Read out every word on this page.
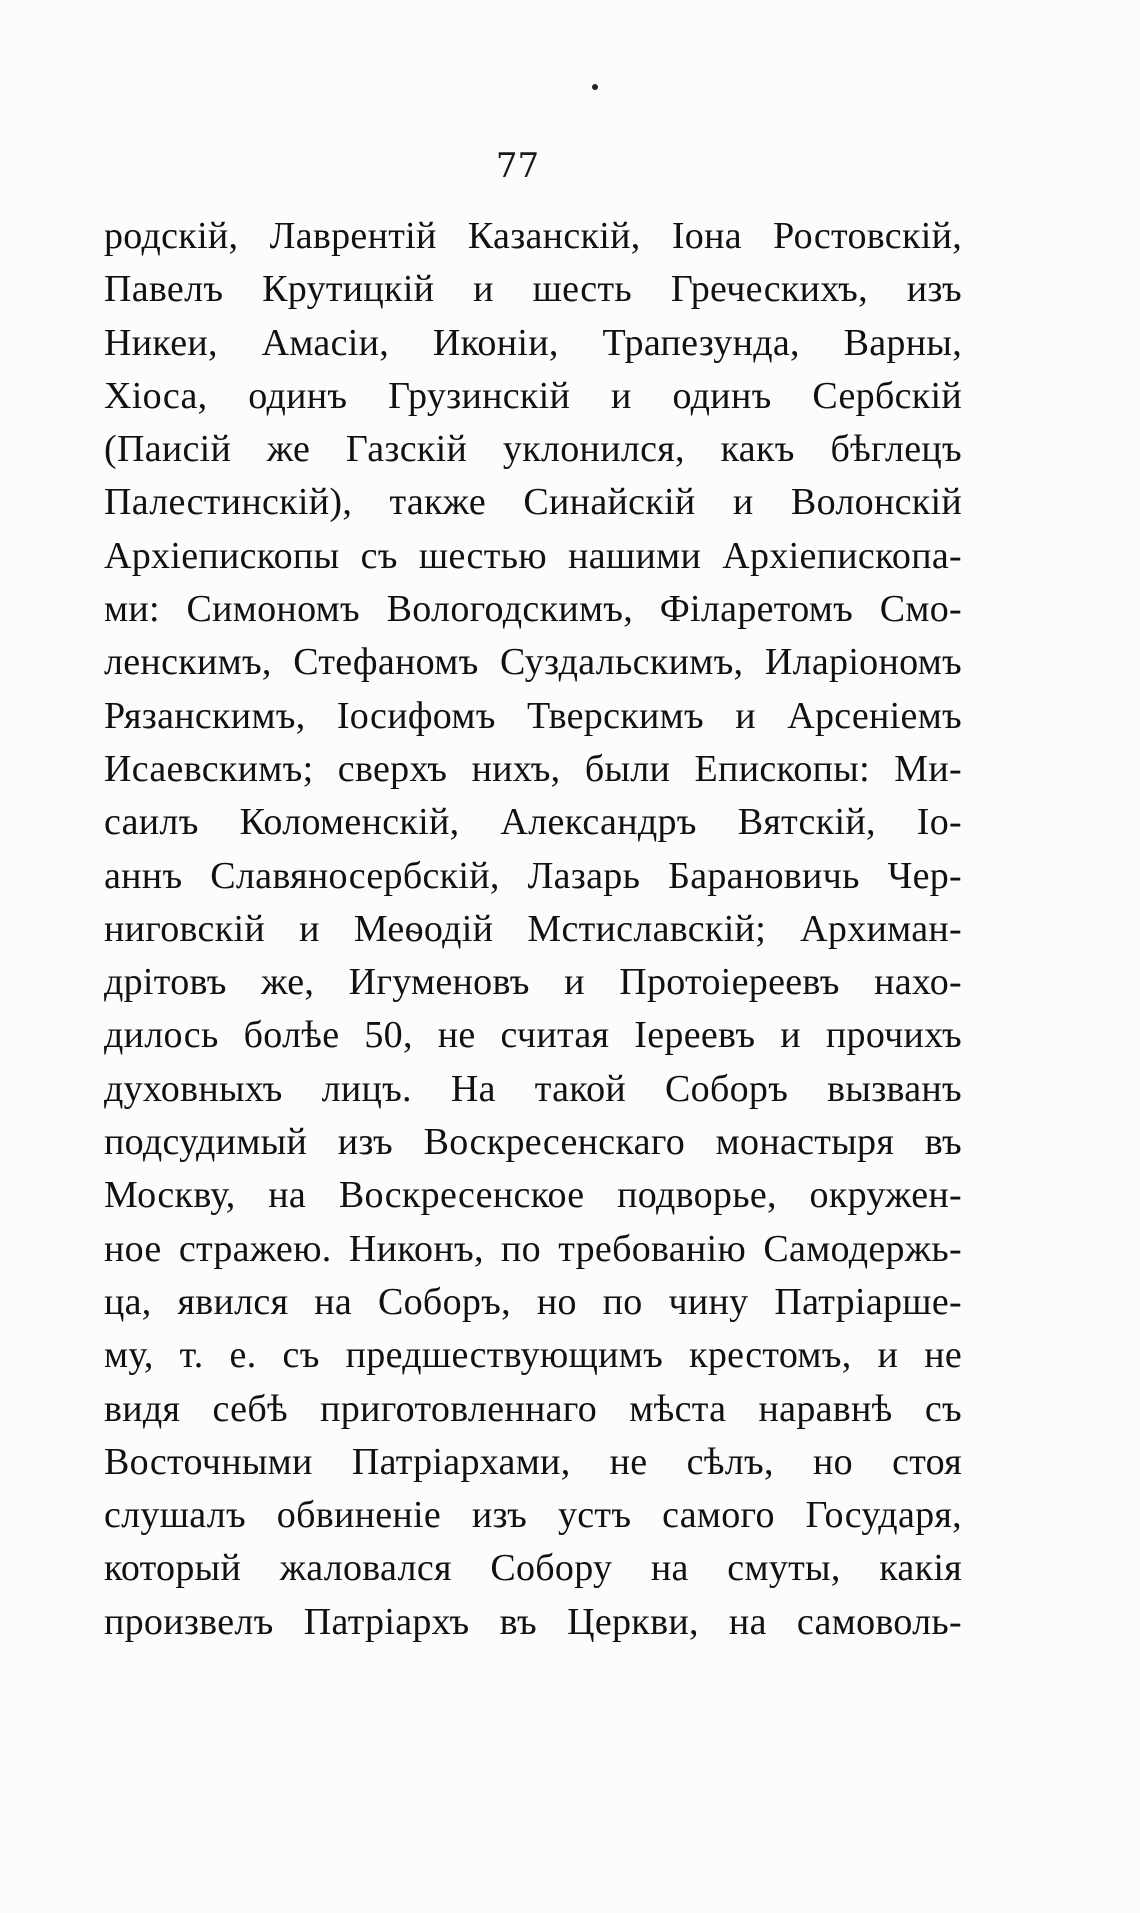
77
родскій, Лаврентій Казанскій, Іона Ростовскій,
Павелъ Крутицкій и шесть Греческихъ, изъ
Никеи, Амасіи, Иконіи, Трапезунда, Варны,
Хіоса, одинъ Грузинскій и одинъ Сербскій
(Паисій же Газскій уклонился, какъ бѣглецъ
Палестинскій), также Синайскій и Волонскій
Архіепископы съ шестью нашими Архіепископа-
ми: Симономъ Вологодскимъ, Філаретомъ Смо-
ленскимъ, Стефаномъ Суздальскимъ, Иларіономъ
Рязанскимъ, Іосифомъ Тверскимъ и Арсеніемъ
Исаевскимъ; сверхъ нихъ, были Епископы: Ми-
саилъ Коломенскій, Александръ Вятскій, Іо-
аннъ Славяносербскій, Лазарь Барановичь Чер-
ниговскій и Меѳодій Мстиславскій; Архиман-
дрітовъ же, Игуменовъ и Протоіереевъ нахо-
дилось болѣе 50, не считая Іереевъ и прочихъ
духовныхъ лицъ. На такой Соборъ вызванъ
подсудимый изъ Воскресенскаго монастыря въ
Москву, на Воскресенское подворье, окружен-
ное стражею. Никонъ, по требованію Самодержь-
ца, явился на Соборъ, но по чину Патріарше-
му, т. е. съ предшествующимъ крестомъ, и не
видя себѣ приготовленнаго мѣста наравнѣ съ
Восточными Патріархами, не сѣлъ, но стоя
слушалъ обвиненіе изъ устъ самого Государя,
который жаловался Собору на смуты, какія
произвелъ Патріархъ въ Церкви, на самоволь-
